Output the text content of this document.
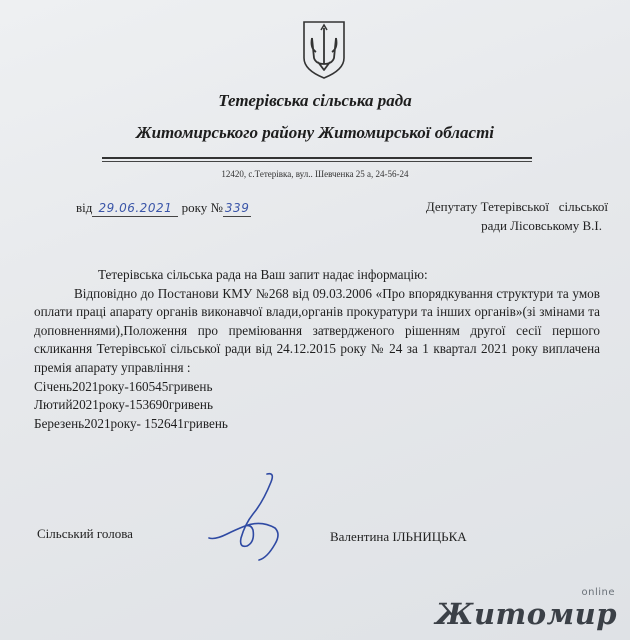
Тетерівська сільська рада
Житомирського району Житомирської області
12420, с.Тетерівка, вул.. Шевченка 25 а, 24-56-24
від 29.06.2021 року № 339	Депутату Тетерівської   сільської
ради Лісовському В.І.

Тетерівська сільська рада на Ваш запит надає інформацію:

Відповідно до Постанови КМУ №268 від 09.03.2006 «Про впорядкування структури та умов оплати праці апарату органів виконавчої влади,органів прокуратури та інших органів»(зі змінами та доповненнями),Положення про преміювання затвердженого рішенням другої сесії першого скликання Тетерівської сільської ради від 24.12.2015 року № 24 за 1 квартал 2021 року виплачена премія апарату управління :

Січень2021року-160545гривень
Лютий2021року-153690гривень
Березень2021року- 152641гривень
Сільський голова	Валентина ІЛЬНИЦЬКА
online
Житомир
